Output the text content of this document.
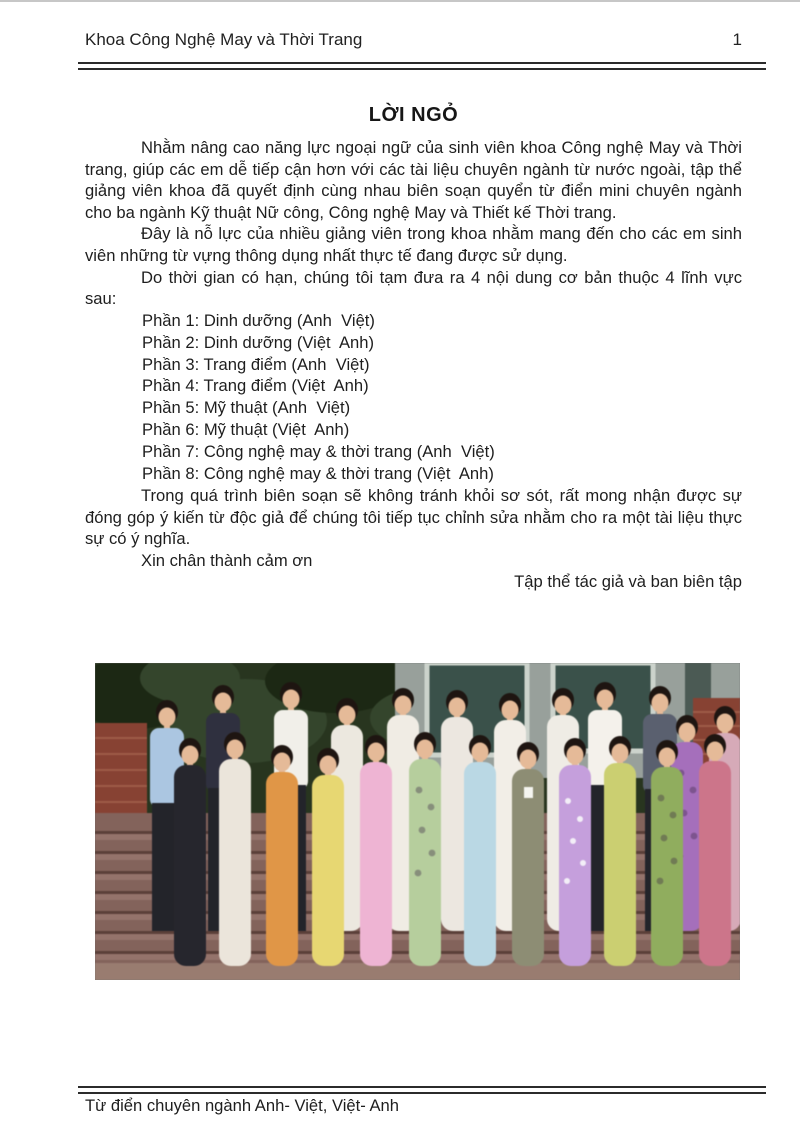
Khoa Công Nghệ May và Thời Trang	1
LỜI NGỎ

Nhằm nâng cao năng lực ngoại ngữ của sinh viên khoa Công nghệ May và Thời trang, giúp các em dễ tiếp cận hơn với các tài liệu chuyên ngành từ nước ngoài, tập thể giảng viên khoa đã quyết định cùng nhau biên soạn quyển từ điển mini chuyên ngành cho ba ngành Kỹ thuật Nữ công, Công nghệ May và Thiết kế Thời trang.

Đây là nỗ lực của nhiều giảng viên trong khoa nhằm mang đến cho các em sinh viên những từ vựng thông dụng nhất thực tế đang được sử dụng.

Do thời gian có hạn, chúng tôi tạm đưa ra 4 nội dung cơ bản thuộc 4 lĩnh vực sau:

Phần 1: Dinh dưỡng (Anh  Việt)
Phần 2: Dinh dưỡng (Việt  Anh)
Phần 3: Trang điểm (Anh  Việt)
Phần 4: Trang điểm (Việt  Anh)
Phần 5: Mỹ thuật (Anh  Việt)
Phần 6: Mỹ thuật (Việt  Anh)
Phần 7: Công nghệ may & thời trang (Anh  Việt)
Phần 8: Công nghệ may & thời trang (Việt  Anh)

Trong quá trình biên soạn sẽ không tránh khỏi sơ sót, rất mong nhận được sự đóng góp ý kiến từ độc giả để chúng tôi tiếp tục chỉnh sửa nhằm cho ra một tài liệu thực sự có ý nghĩa.

Xin chân thành cảm ơn

Tập thể tác giả và ban biên tập

Từ điển chuyên ngành Anh- Việt, Việt- Anh
